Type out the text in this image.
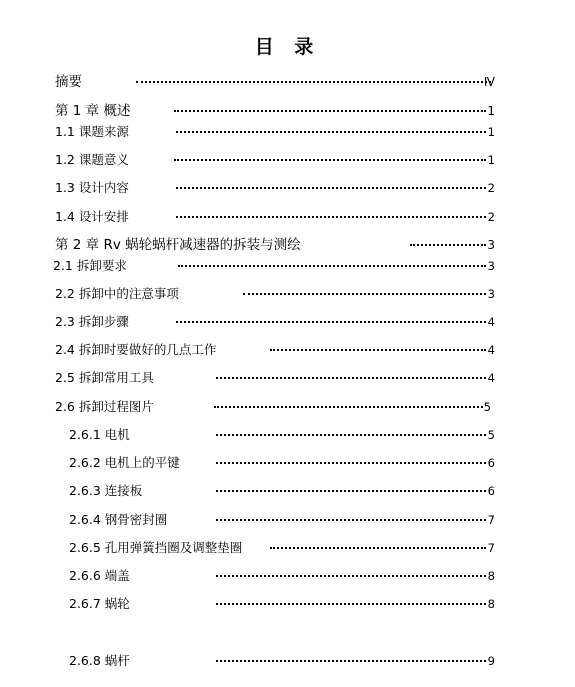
目 录
摘要	Ⅳ
第 1 章 概述	1
1.1 课题来源	1
1.2 课题意义	1
1.3 设计内容	2
1.4 设计安排	2
第 2 章 Rv 蜗轮蜗杆减速器的拆装与测绘	3
2.1 拆卸要求	3
2.2 拆卸中的注意事项	3
2.3 拆卸步骤	4
2.4 拆卸时要做好的几点工作	4
2.5 拆卸常用工具	4
2.6 拆卸过程图片	5
2.6.1 电机	5
2.6.2 电机上的平键	6
2.6.3 连接板	6
2.6.4 钢骨密封圈	7
2.6.5 孔用弹簧挡圈及调整垫圈	7
2.6.6 端盖	8
2.6.7 蜗轮	8
2.6.8 蜗杆	9
